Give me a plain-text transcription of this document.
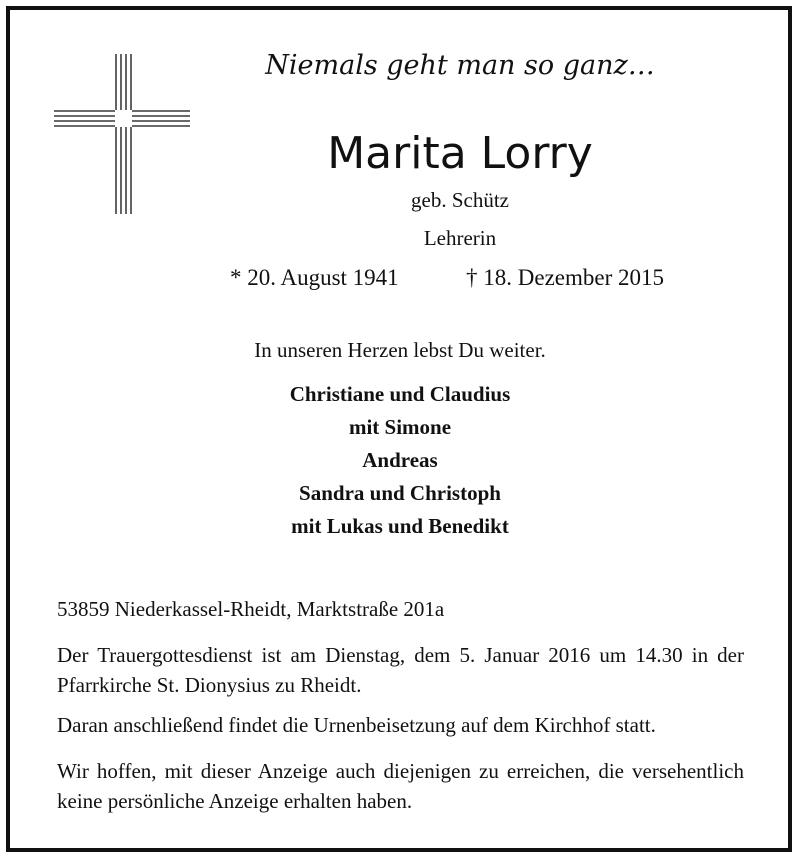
Niemals geht man so ganz…
Marita Lorry
geb. Schütz
Lehrerin
* 20. August 1941	† 18. Dezember 2015
In unseren Herzen lebst Du weiter.
Christiane und Claudius
mit Simone
Andreas
Sandra und Christoph
mit Lukas und Benedikt
53859 Niederkassel-Rheidt, Marktstraße 201a
Der Trauergottesdienst ist am Dienstag, dem 5. Januar 2016 um 14.30 in der Pfarrkirche St. Dionysius zu Rheidt.
Daran anschließend findet die Urnenbeisetzung auf dem Kirchhof statt.
Wir hoffen, mit dieser Anzeige auch diejenigen zu erreichen, die versehentlich keine persönliche Anzeige erhalten haben.
